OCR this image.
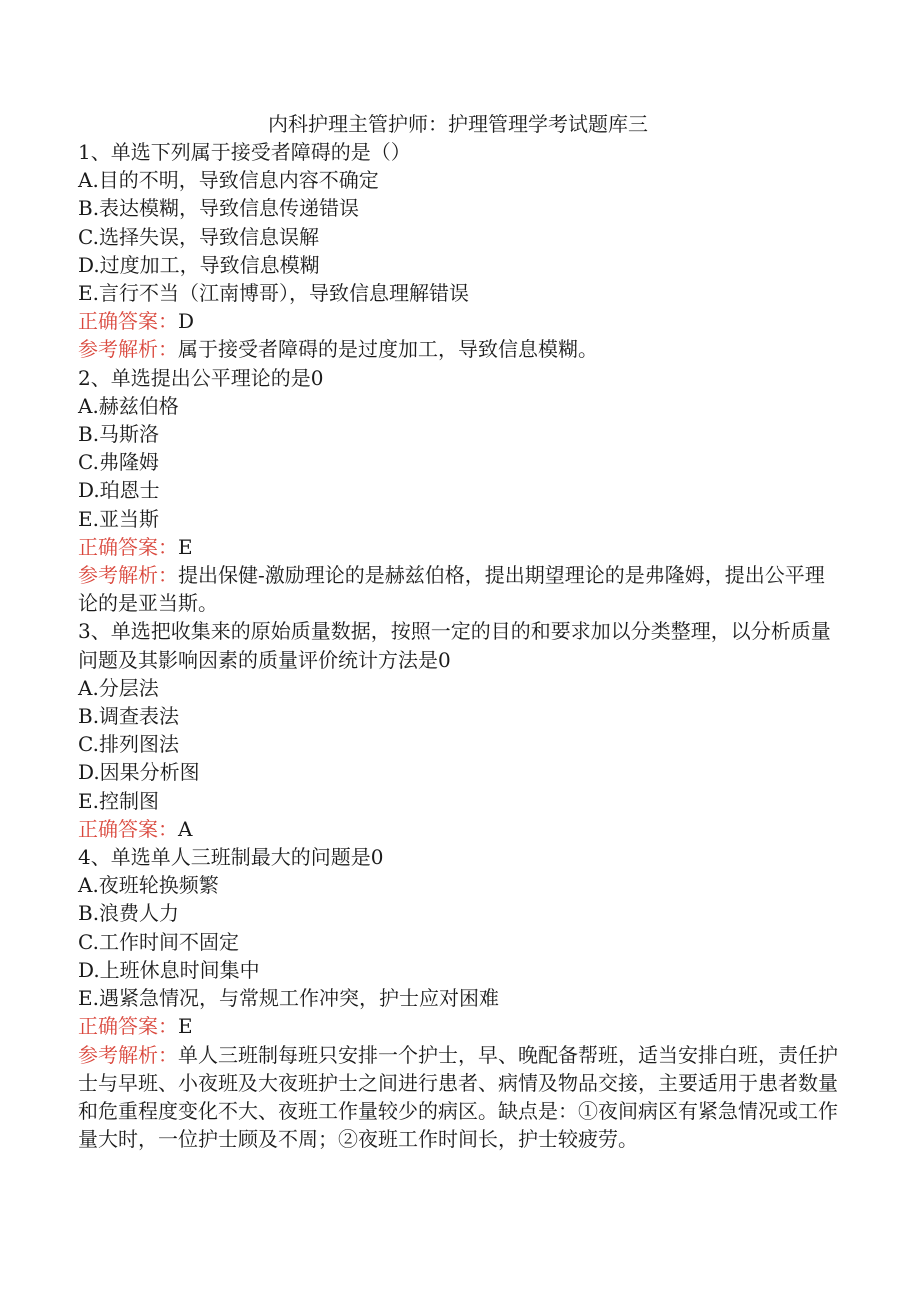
内科护理主管护师：护理管理学考试题库三
1、单选下列属于接受者障碍的是（）
A.目的不明，导致信息内容不确定
B.表达模糊，导致信息传递错误
C.选择失误，导致信息误解
D.过度加工，导致信息模糊
E.言行不当（江南博哥），导致信息理解错误
正确答案：D
参考解析：属于接受者障碍的是过度加工，导致信息模糊。
2、单选提出公平理论的是0
A.赫兹伯格
B.马斯洛
C.弗隆姆
D.珀恩士
E.亚当斯
正确答案：E
参考解析：提出保健-激励理论的是赫兹伯格，提出期望理论的是弗隆姆，提出公平理论的是亚当斯。
3、单选把收集来的原始质量数据，按照一定的目的和要求加以分类整理，以分析质量问题及其影响因素的质量评价统计方法是0
A.分层法
B.调查表法
C.排列图法
D.因果分析图
E.控制图
正确答案：A
4、单选单人三班制最大的问题是0
A.夜班轮换频繁
B.浪费人力
C.工作时间不固定
D.上班休息时间集中
E.遇紧急情况，与常规工作冲突，护士应对困难
正确答案：E
参考解析：单人三班制每班只安排一个护士，早、晚配备帮班，适当安排白班，责任护士与早班、小夜班及大夜班护士之间进行患者、病情及物品交接，主要适用于患者数量和危重程度变化不大、夜班工作量较少的病区。缺点是：①夜间病区有紧急情况或工作量大时，一位护士顾及不周；②夜班工作时间长，护士较疲劳。
